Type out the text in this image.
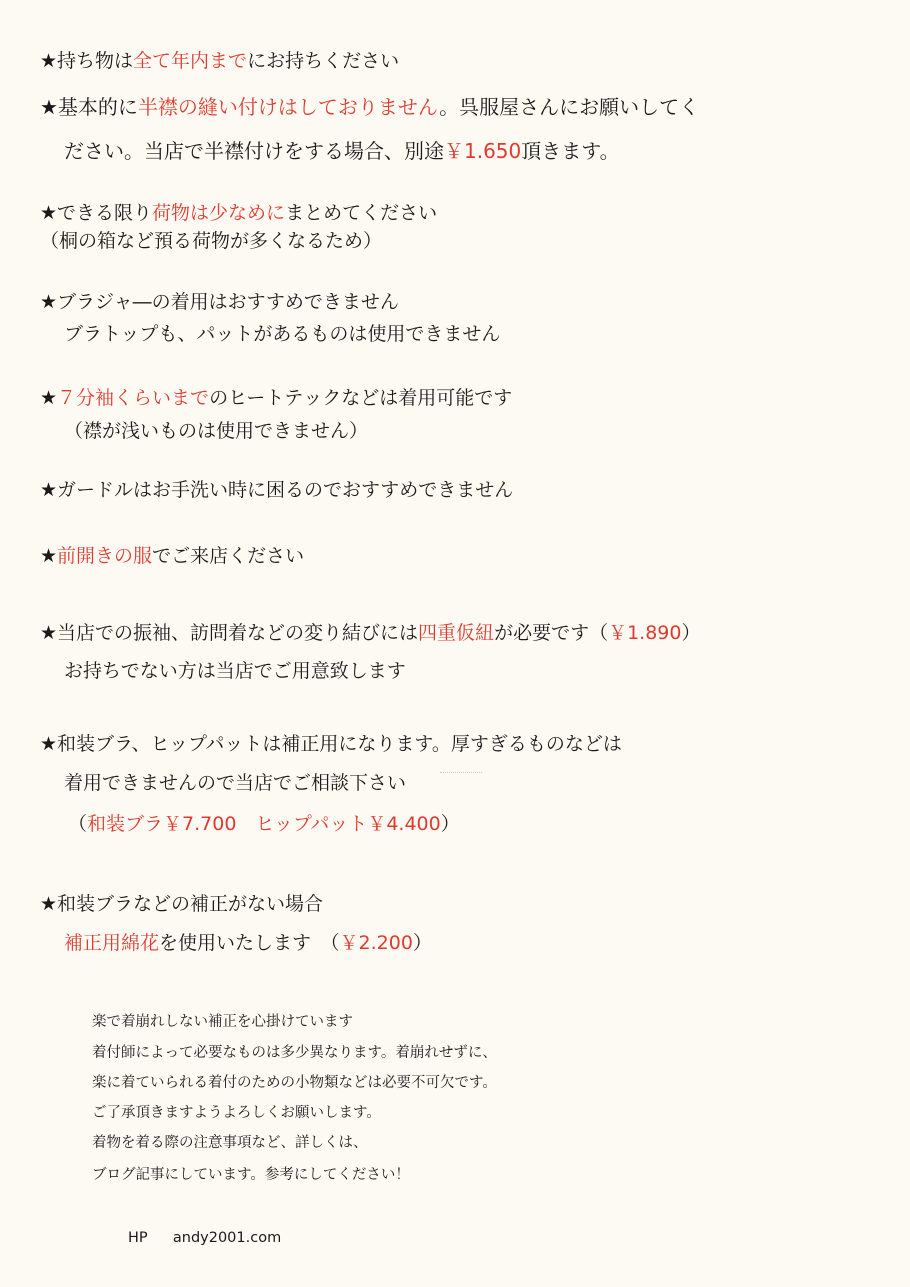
★持ち物は全て年内までにお持ちください
★基本的に半襟の縫い付けはしておりません。呉服屋さんにお願いしてく
ださい。当店で半襟付けをする場合、別途￥1.650頂きます。
★できる限り荷物は少なめにまとめてください
（桐の箱など預る荷物が多くなるため）
★ブラジャ―の着用はおすすめできません
ブラトップも、パットがあるものは使用できません
★７分袖くらいまでのヒートテックなどは着用可能です
（襟が浅いものは使用できません）
★ガードルはお手洗い時に困るのでおすすめできません
★前開きの服でご来店ください
★当店での振袖、訪問着などの変り結びには四重仮紐が必要です（￥1.890）
お持ちでない方は当店でご用意致します
★和装ブラ、ヒップパットは補正用になります。厚すぎるものなどは
着用できませんので当店でご相談下さい
（和装ブラ￥7.700　ヒップパット￥4.400）
★和装ブラなどの補正がない場合
補正用綿花を使用いたします　（￥2.200）
楽で着崩れしない補正を心掛けています
着付師によって必要なものは多少異なります。着崩れせずに、
楽に着ていられる着付のための小物類などは必要不可欠です。
ご了承頂きますようよろしくお願いします。
着物を着る際の注意事項など、詳しくは、
ブログ記事にしています。参考にしてください！
HP andy2001.com
